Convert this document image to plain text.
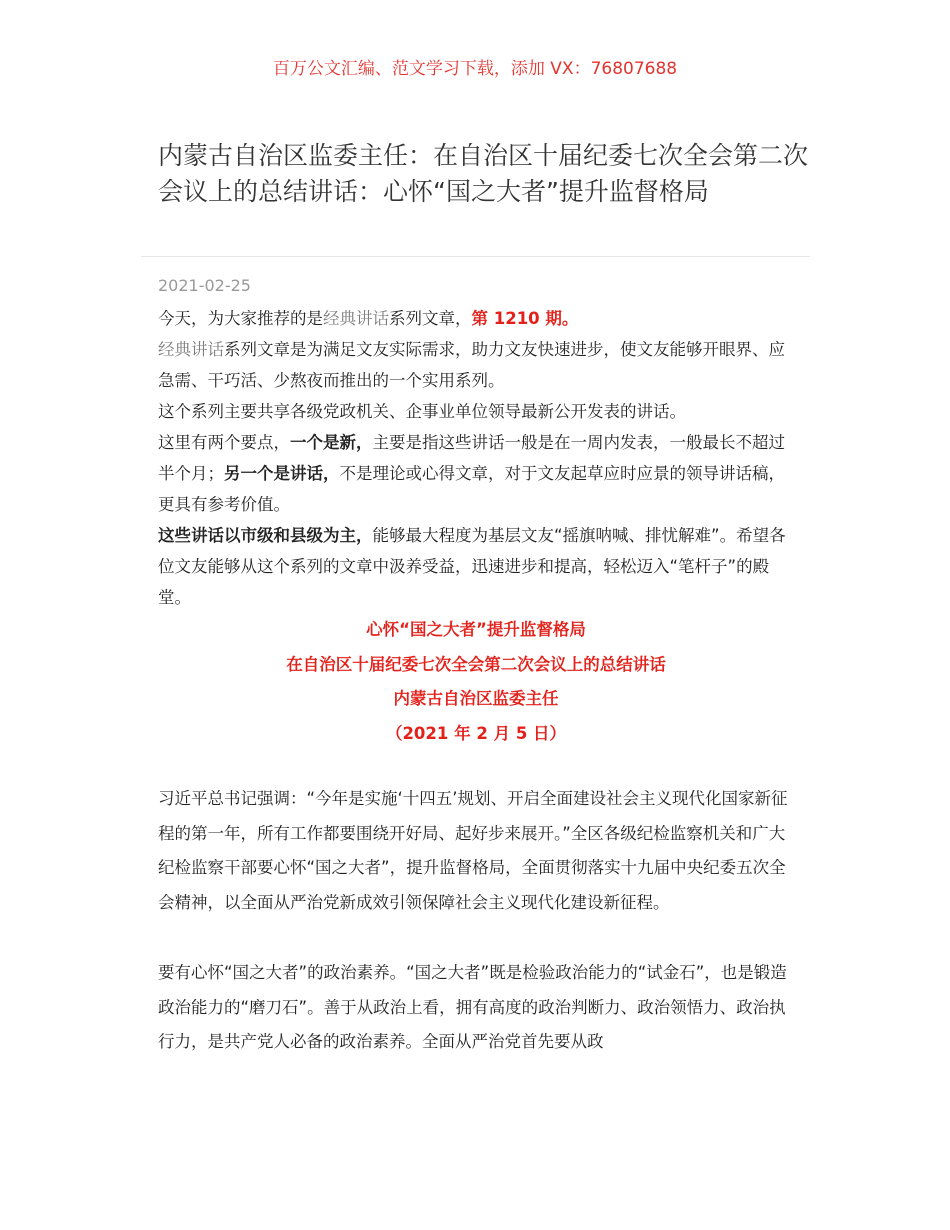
百万公文汇编、范文学习下载，添加 VX：76807688
内蒙古自治区监委主任：在自治区十届纪委七次全会第二次会议上的总结讲话：心怀“国之大者”提升监督格局
2021-02-25

今天，为大家推荐的是经典讲话系列文章，第 1210 期。

经典讲话系列文章是为满足文友实际需求，助力文友快速进步，使文友能够开眼界、应急需、干巧活、少熬夜而推出的一个实用系列。

这个系列主要共享各级党政机关、企事业单位领导最新公开发表的讲话。

这里有两个要点，一个是新，主要是指这些讲话一般是在一周内发表，一般最长不超过半个月；另一个是讲话，不是理论或心得文章，对于文友起草应时应景的领导讲话稿，更具有参考价值。

这些讲话以市级和县级为主，能够最大程度为基层文友“摇旗呐喊、排忧解难”。希望各位文友能够从这个系列的文章中汲养受益，迅速进步和提高，轻松迈入“笔杆子”的殿堂。

心怀“国之大者”提升监督格局

在自治区十届纪委七次全会第二次会议上的总结讲话

内蒙古自治区监委主任

（2021 年 2 月 5 日）

习近平总书记强调：“今年是实施‘十四五’规划、开启全面建设社会主义现代化国家新征程的第一年，所有工作都要围绕开好局、起好步来展开。”全区各级纪检监察机关和广大纪检监察干部要心怀“国之大者”，提升监督格局，全面贯彻落实十九届中央纪委五次全会精神，以全面从严治党新成效引领保障社会主义现代化建设新征程。

要有心怀“国之大者”的政治素养。“国之大者”既是检验政治能力的“试金石”，也是锻造政治能力的“磨刀石”。善于从政治上看，拥有高度的政治判断力、政治领悟力、政治执行力，是共产党人必备的政治素养。全面从严治党首先要从政
